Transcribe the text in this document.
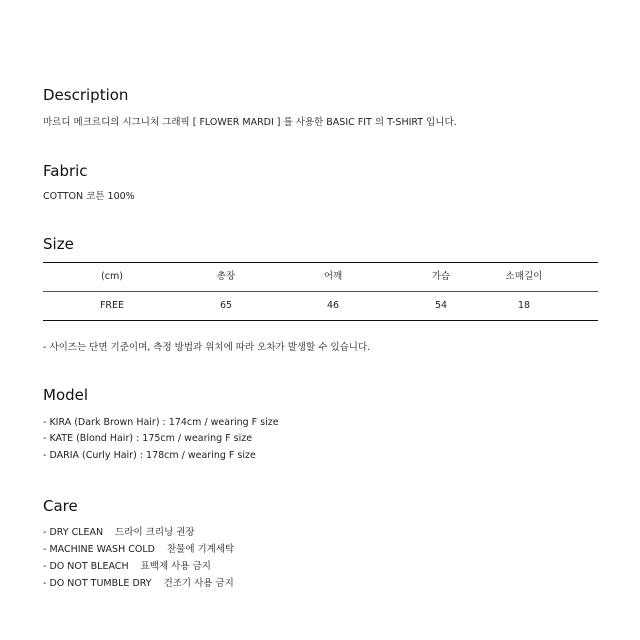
Description
마르디 메크르디의 시그니처 그래픽 [ FLOWER MARDI ] 를 사용한 BASIC FIT 의 T-SHIRT 입니다.
Fabric
COTTON 코튼 100%
Size
(cm)	총장	어깨	가슴	소매길이
FREE	65	46	54	18
- 사이즈는 단면 기준이며, 측정 방법과 위치에 따라 오차가 발생할 수 있습니다.
Model
- KIRA (Dark Brown Hair) : 174cm / wearing F size
- KATE (Blond Hair) : 175cm / wearing F size
- DARIA (Curly Hair) : 178cm / wearing F size
Care
- DRY CLEAN 드라이 크리닝 권장
- MACHINE WASH COLD 찬물에 기계세탁
- DO NOT BLEACH 표백제 사용 금지
- DO NOT TUMBLE DRY 건조기 사용 금지
